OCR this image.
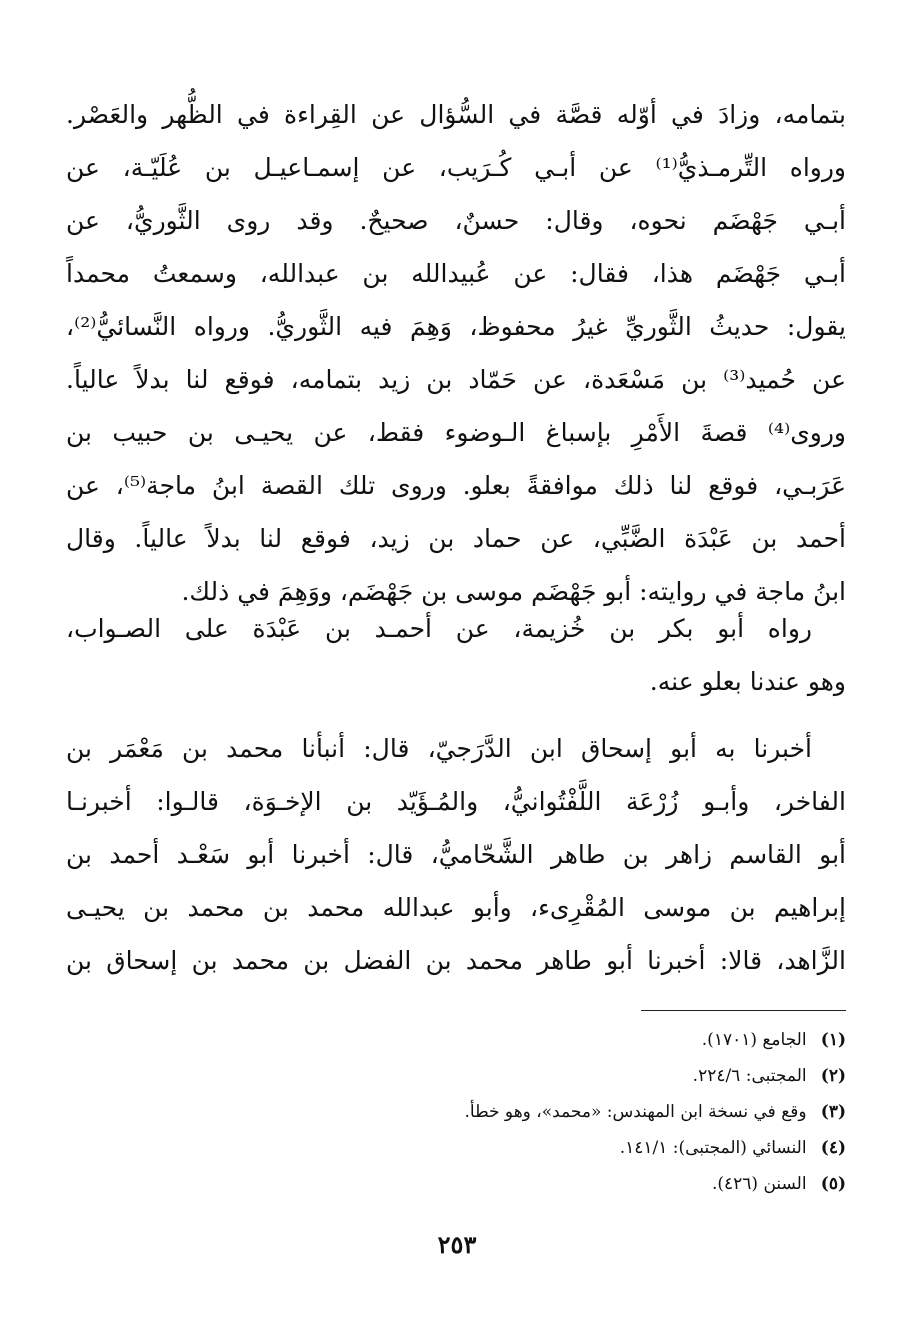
بتمامه، وزادَ في أوّله قصَّة في السُّؤال عن القِراءة في الظُّهر والعَصْر.
ورواه التِّرمـذيُّ⁽¹⁾ عن أبـي كُـرَيب، عن إسمـاعيـل بن عُلَيّـة، عن
أبـي جَهْضَم نحوه، وقال: حسنٌ، صحيحٌ. وقد روى الثَّوريُّ، عن
أبـي جَهْضَم هذا، فقال: عن عُبيدالله بن عبدالله، وسمعتُ محمداً
يقول: حديثُ الثَّوريِّ غيرُ محفوظ، وَهِمَ فيه الثَّوريُّ. ورواه النَّسائيُّ⁽²⁾،
عن حُميد⁽³⁾ بن مَسْعَدة، عن حَمّاد بن زيد بتمامه، فوقع لنا بدلاً عالياً.
وروى⁽⁴⁾ قصةَ الأَمْرِ بإسباغ الـوضوء فقط، عن يحيـى بن حبيب بن
عَرَبـي، فوقع لنا ذلك موافقةً بعلو. وروى تلك القصة ابنُ ماجة⁽⁵⁾، عن
أحمد بن عَبْدَة الضَّبِّي، عن حماد بن زيد، فوقع لنا بدلاً عالياً. وقال
ابنُ ماجة في روايته: أبو جَهْضَم موسى بن جَهْضَم، ووَهِمَ في ذلك.
رواه أبو بكر بن خُزيمة، عن أحمـد بن عَبْدَة على الصـواب،
وهو عندنا بعلو عنه.
أخبرنا به أبو إسحاق ابن الدَّرَجيّ، قال: أنبأنا محمد بن مَعْمَر بن
الفاخر، وأبـو زُرْعَة اللَّفْتُوانيُّ، والمُـؤَيّد بن الإخـوَة، قالـوا: أخبرنـا
أبو القاسم زاهر بن طاهر الشَّحّاميُّ، قال: أخبرنا أبو سَعْـد أحمد بن
إبراهيم بن موسى المُقْرِىء، وأبو عبدالله محمد بن محمد بن يحيـى
الزَّاهد، قالا: أخبرنا أبو طاهر محمد بن الفضل بن محمد بن إسحاق بن
(١) الجامع (١٧٠١).
(٢) المجتبى: ٢٢٤/٦.
(٣) وقع في نسخة ابن المهندس: «محمد»، وهو خطأ.
(٤) النسائي (المجتبى): ١٤١/١.
(٥) السنن (٤٢٦).
٢٥٣
